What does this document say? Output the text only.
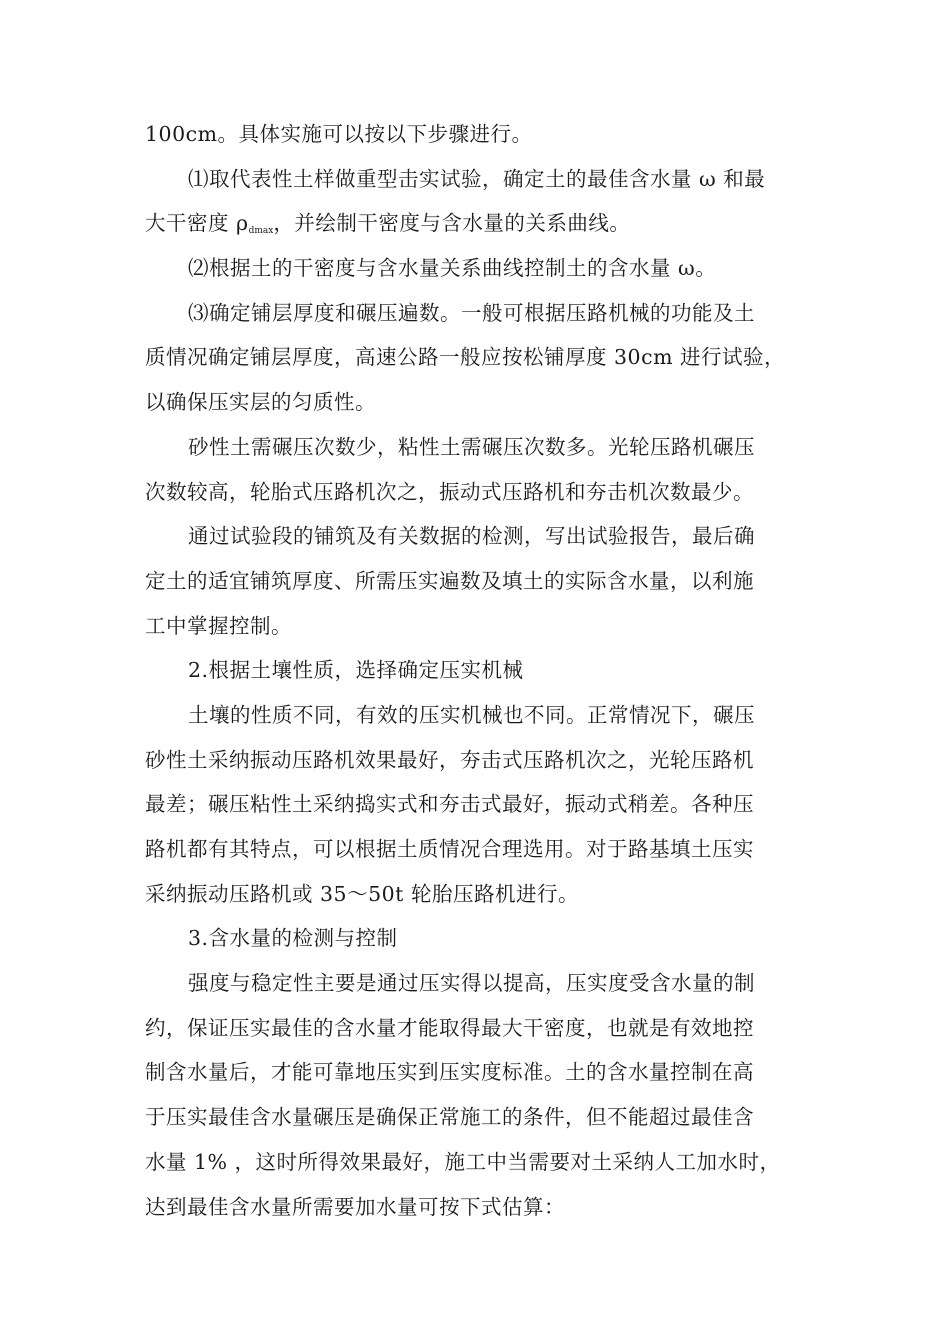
100cm。具体实施可以按以下步骤进行。

⑴取代表性土样做重型击实试验，确定土的最佳含水量 ω 和最
大干密度 $\rho_{dmax}$，并绘制干密度与含水量的关系曲线。

⑵根据土的干密度与含水量关系曲线控制土的含水量 ω。

⑶确定铺层厚度和碾压遍数。一般可根据压路机械的功能及土
质情况确定铺层厚度，高速公路一般应按松铺厚度 30cm 进行试验，
以确保压实层的匀质性。

砂性土需碾压次数少，粘性土需碾压次数多。光轮压路机碾压
次数较高，轮胎式压路机次之，振动式压路机和夯击机次数最少。

通过试验段的铺筑及有关数据的检测，写出试验报告，最后确
定土的适宜铺筑厚度、所需压实遍数及填土的实际含水量，以利施
工中掌握控制。

2.根据土壤性质，选择确定压实机械

土壤的性质不同，有效的压实机械也不同。正常情况下，碾压
砂性土采纳振动压路机效果最好，夯击式压路机次之，光轮压路机
最差；碾压粘性土采纳捣实式和夯击式最好，振动式稍差。各种压
路机都有其特点，可以根据土质情况合理选用。对于路基填土压实
采纳振动压路机或 35～50t 轮胎压路机进行。

3.含水量的检测与控制

强度与稳定性主要是通过压实得以提高，压实度受含水量的制
约，保证压实最佳的含水量才能取得最大干密度，也就是有效地控
制含水量后，才能可靠地压实到压实度标准。土的含水量控制在高
于压实最佳含水量碾压是确保正常施工的条件，但不能超过最佳含
水量 1% ，这时所得效果最好，施工中当需要对土采纳人工加水时，
达到最佳含水量所需要加水量可按下式估算：
